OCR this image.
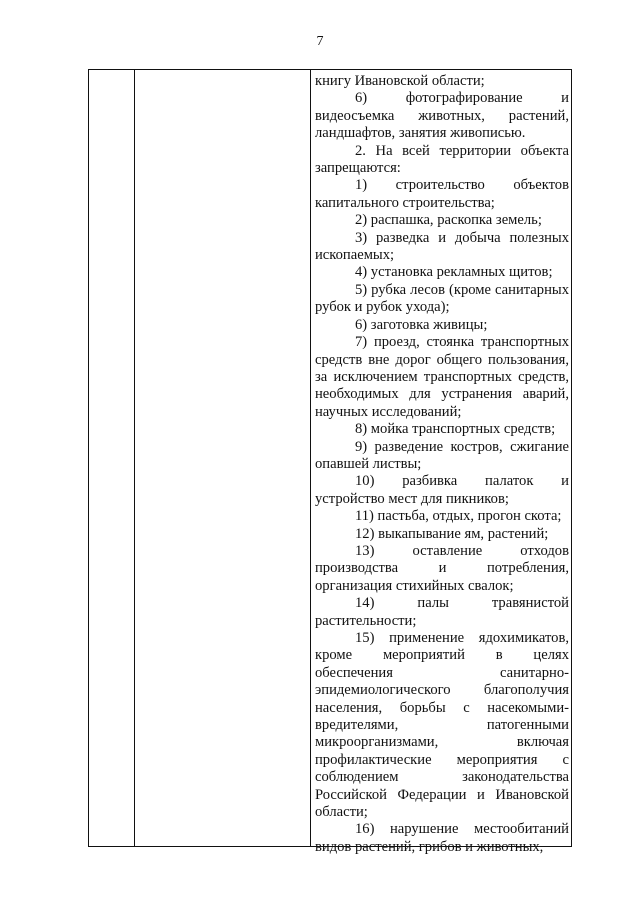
7

книгу Ивановской области;

6) фотографирование и видеосъемка животных, растений, ландшафтов, занятия живописью.

2. На всей территории объекта запрещаются:

1) строительство объектов капитального строительства;

2) распашка, раскопка земель;

3) разведка и добыча полезных ископаемых;

4) установка рекламных щитов;

5) рубка лесов (кроме санитарных рубок и рубок ухода);

6) заготовка живицы;

7) проезд, стоянка транспортных средств вне дорог общего пользования, за исключением транспортных средств, необходимых для устранения аварий, научных исследований;

8) мойка транспортных средств;

9) разведение костров, сжигание опавшей листвы;

10) разбивка палаток и устройство мест для пикников;

11) пастьба, отдых, прогон скота;

12) выкапывание ям, растений;

13) оставление отходов производства и потребления, организация стихийных свалок;

14) палы травянистой растительности;

15) применение ядохимикатов, кроме мероприятий в целях обеспечения санитарно-эпидемиологического благополучия населения, борьбы с насекомыми-вредителями, патогенными микроорганизмами, включая профилактические мероприятия с соблюдением законодательства Российской Федерации и Ивановской области;

16) нарушение местообитаний видов растений, грибов и животных,
